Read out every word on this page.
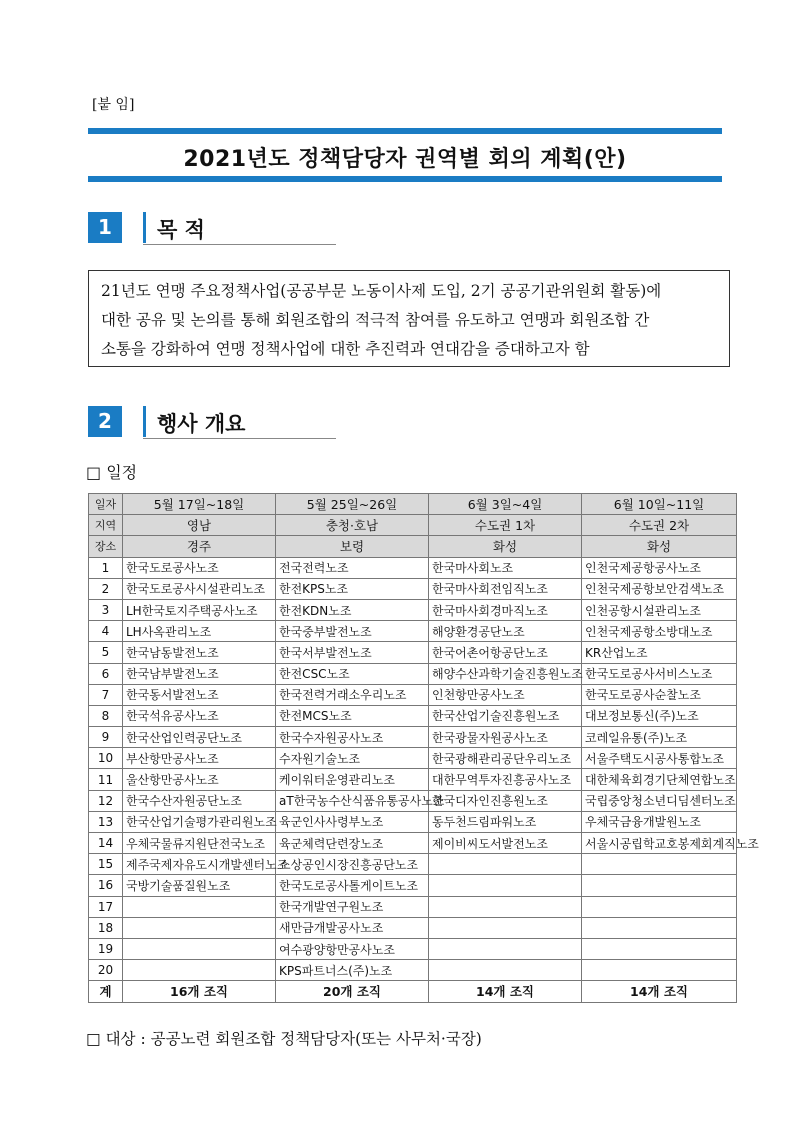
[붙 임]
2021년도 정책담당자 권역별 회의 계획(안)
1	목 적

21년도 연맹 주요정책사업(공공부문 노동이사제 도입, 2기 공공기관위원회 활동)에

대한 공유 및 논의를 통해 회원조합의 적극적 참여를 유도하고 연맹과 회원조합 간

소통을 강화하여 연맹 정책사업에 대한 추진력과 연대감을 증대하고자 함

2	행사 개요
□ 일정
일자	5월 17일~18일	5월 25일~26일	6월 3일~4일	6월 10일~11일
지역	영남	충청·호남	수도권 1차	수도권 2차
장소	경주	보령	화성	화성
1	한국도로공사노조	전국전력노조	한국마사회노조	인천국제공항공사노조
2	한국도로공사시설관리노조	한전KPS노조	한국마사회전임직노조	인천국제공항보안검색노조
3	LH한국토지주택공사노조	한전KDN노조	한국마사회경마직노조	인천공항시설관리노조
4	LH사옥관리노조	한국중부발전노조	해양환경공단노조	인천국제공항소방대노조
5	한국남동발전노조	한국서부발전노조	한국어촌어항공단노조	KR산업노조
6	한국남부발전노조	한전CSC노조	해양수산과학기술진흥원노조	한국도로공사서비스노조
7	한국동서발전노조	한국전력거래소우리노조	인천항만공사노조	한국도로공사순찰노조
8	한국석유공사노조	한전MCS노조	한국산업기술진흥원노조	대보정보통신(주)노조
9	한국산업인력공단노조	한국수자원공사노조	한국광물자원공사노조	코레일유통(주)노조
10	부산항만공사노조	수자원기술노조	한국광해관리공단우리노조	서울주택도시공사통합노조
11	울산항만공사노조	케이워터운영관리노조	대한무역투자진흥공사노조	대한체육회경기단체연합노조
12	한국수산자원공단노조	aT한국농수산식품유통공사노조	한국디자인진흥원노조	국립중앙청소년디딤센터노조
13	한국산업기술평가관리원노조	육군인사사령부노조	동두천드림파워노조	우체국금융개발원노조
14	우체국물류지원단전국노조	육군체력단련장노조	제이비씨도서발전노조	서울시공립학교호봉제회계직노조
15	제주국제자유도시개발센터노조	소상공인시장진흥공단노조		
16	국방기술품질원노조	한국도로공사톨게이트노조		
17		한국개발연구원노조		
18		새만금개발공사노조		
19		여수광양항만공사노조		
20		KPS파트너스(주)노조		
계	16개 조직	20개 조직	14개 조직	14개 조직
□ 대상 : 공공노련 회원조합 정책담당자(또는 사무처·국장)
